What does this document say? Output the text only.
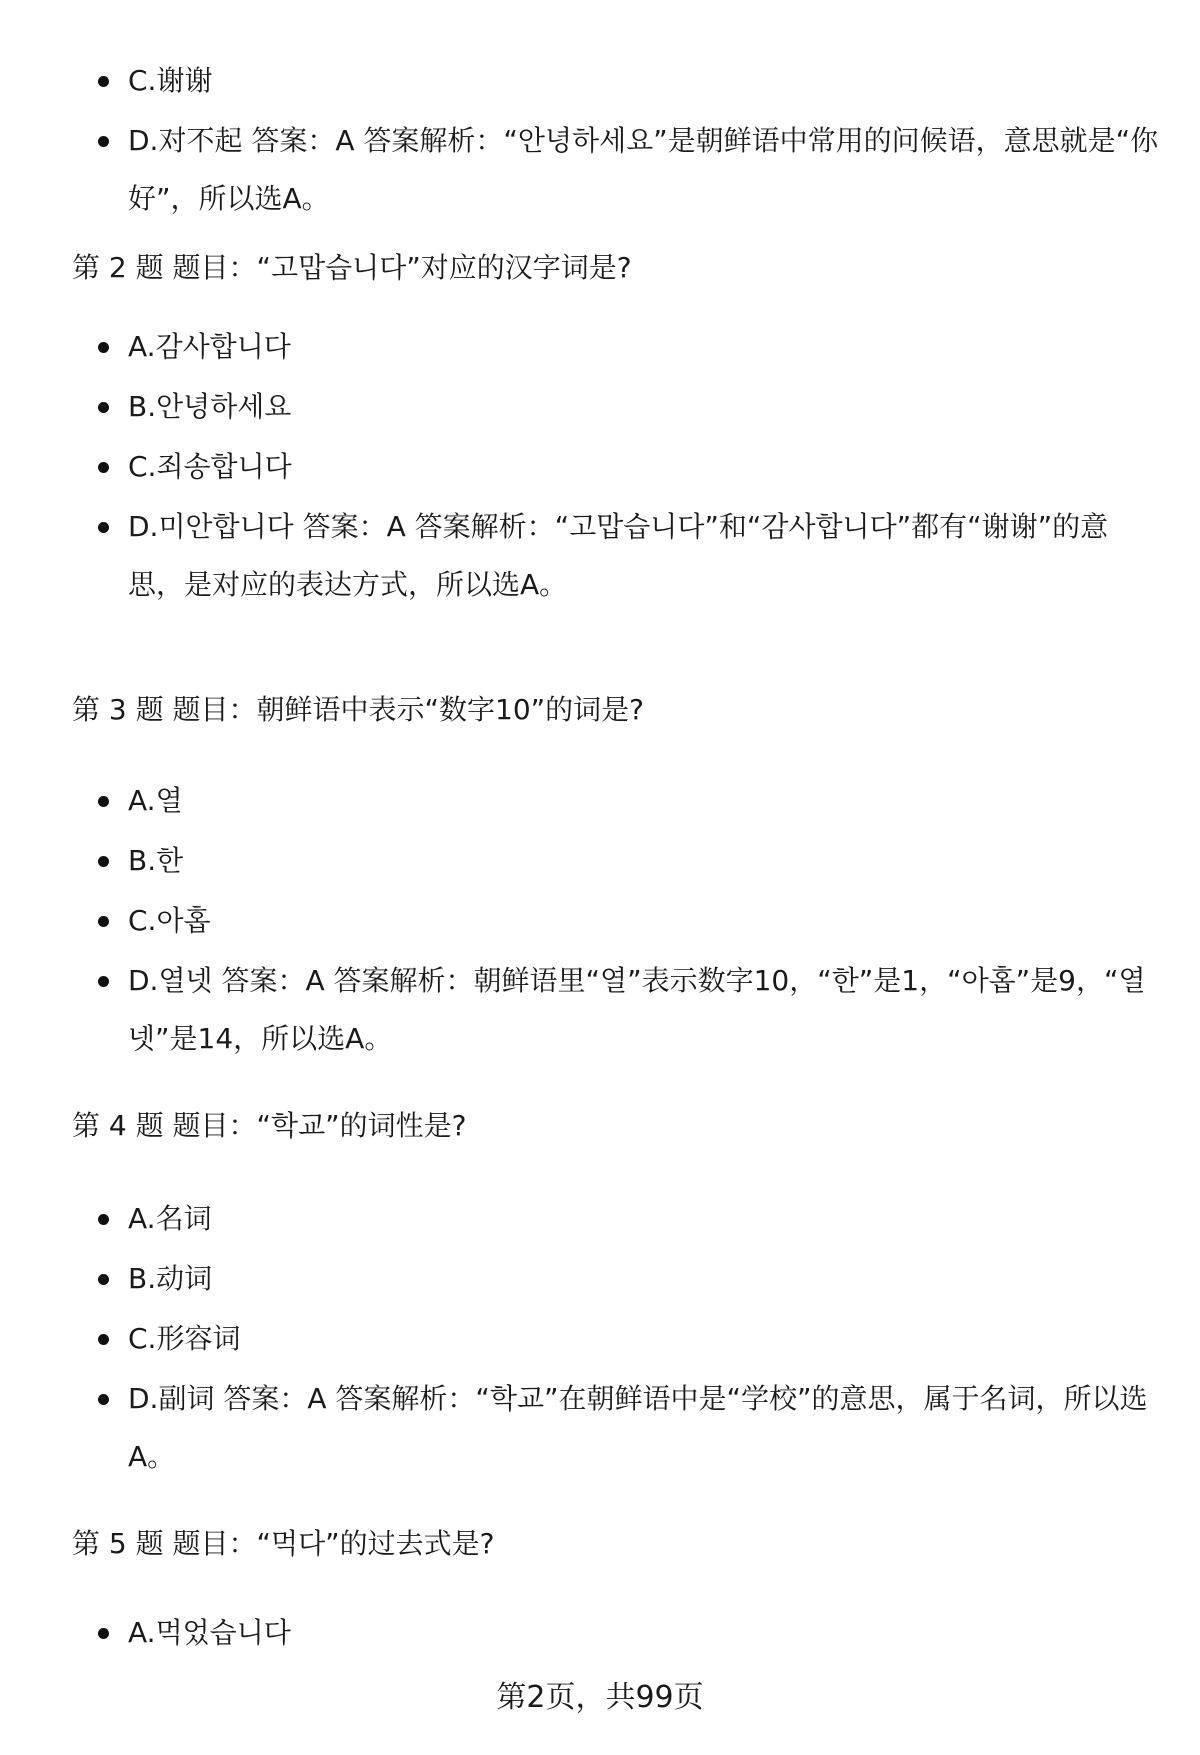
C.谢谢
D.对不起 答案：A 答案解析：“안녕하세요”是朝鲜语中常用的问候语，意思就是“你好”，所以选A。
第 2 题 题目：“고맙습니다”对应的汉字词是?
A.감사합니다
B.안녕하세요
C.죄송합니다
D.미안합니다 答案：A 答案解析：“고맙습니다”和“감사합니다”都有“谢谢”的意思，是对应的表达方式，所以选A。
第 3 题 题目：朝鲜语中表示“数字10”的词是?
A.열
B.한
C.아홉
D.열넷 答案：A 答案解析：朝鲜语里“열”表示数字10，“한”是1，“아홉”是9，“열넷”是14，所以选A。
第 4 题 题目：“학교”的词性是?
A.名词
B.动词
C.形容词
D.副词 答案：A 答案解析：“학교”在朝鲜语中是“学校”的意思，属于名词，所以选A。
第 5 题 题目：“먹다”的过去式是?
A.먹었습니다
第2页，共99页
